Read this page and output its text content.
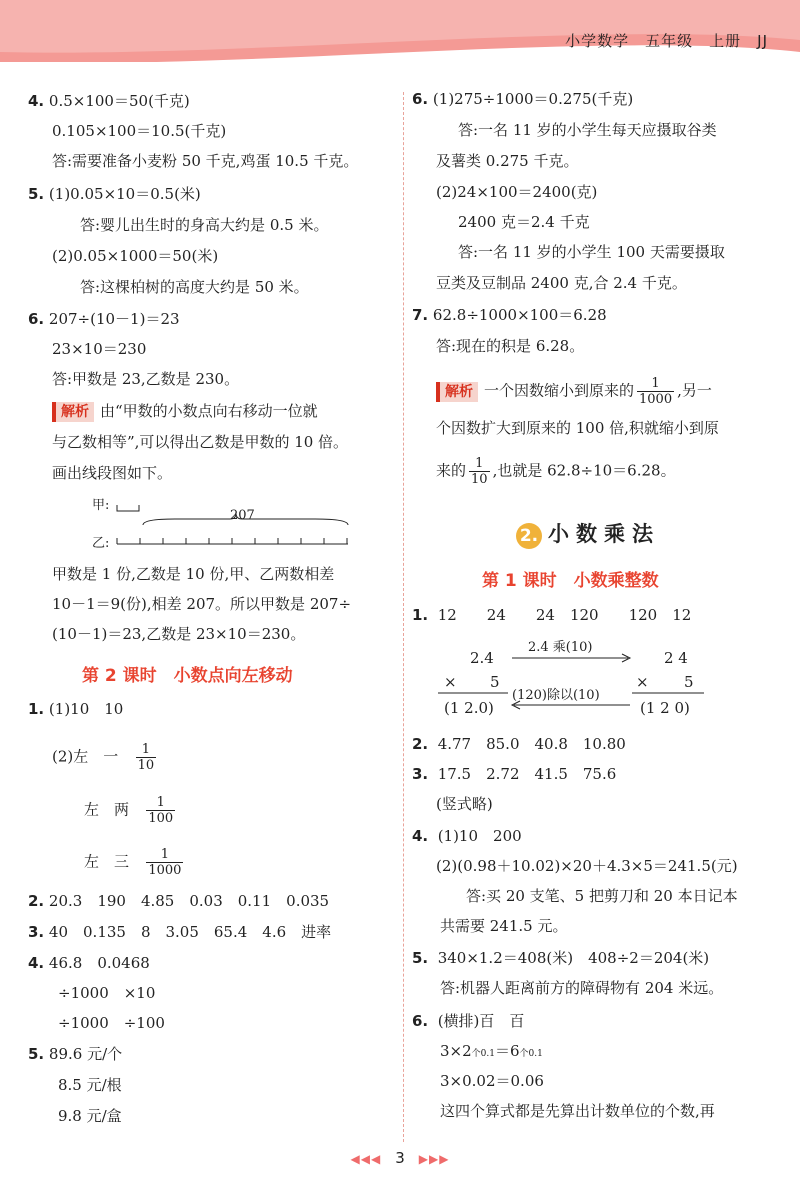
小学数学 五年级 上册 JJ
4. 0.5×100＝50(千克)
0.105×100＝10.5(千克)
答:需要准备小麦粉 50 千克,鸡蛋 10.5 千克。
5. (1)0.05×10＝0.5(米)
答:婴儿出生时的身高大约是 0.5 米。
(2)0.05×1000＝50(米)
答:这棵柏树的高度大约是 50 米。
6. 207÷(10－1)＝23
23×10＝230
答:甲数是 23,乙数是 230。
解析 由“甲数的小数点向右移动一位就
与乙数相等”,可以得出乙数是甲数的 10 倍。
画出线段图如下。
甲:
乙:
207
甲数是 1 份,乙数是 10 份,甲、乙两数相差
10－1＝9(份),相差 207。所以甲数是 207÷
(10－1)＝23,乙数是 23×10＝230。
第 2 课时　小数点向左移动
1. (1)10　10
(2)左　一 $\frac{1}{10}$
左　两 $\frac{1}{100}$
左　三 $\frac{1}{1000}$
2. 20.3　190　4.85　0.03　0.11　0.035
3. 40　0.135　8　3.05　65.4　4.6　进率
4. 46.8　0.0468
÷1000　×10
÷1000　÷100
5. 89.6 元/个
8.5 元/根
9.8 元/盒
6. (1)275÷1000＝0.275(千克)
答:一名 11 岁的小学生每天应摄取谷类
及薯类 0.275 千克。
(2)24×100＝2400(克)
2400 克＝2.4 千克
答:一名 11 岁的小学生 100 天需要摄取
豆类及豆制品 2400 克,合 2.4 千克。
7. 62.8÷1000×100＝6.28
答:现在的积是 6.28。
解析 一个因数缩小到原来的 $\frac{1}{1000}$ ,另一
个因数扩大到原来的 100 倍,积就缩小到原
来的 $\frac{1}{10}$ ,也就是 62.8÷10＝6.28。
2. 小数乘法
第 1 课时　小数乘整数
1. 12　　24　　24　120　　120　12
2.4
× 5
(1 2.0)
2 4
× 5
(1 2 0)
2.4 乘(10)
(120)除以(10)
2. 4.77　85.0　40.8　10.80
3. 17.5　2.72　41.5　75.6
(竖式略)
4. (1)10　200
(2)(0.98＋10.02)×20＋4.3×5＝241.5(元)
答:买 20 支笔、5 把剪刀和 20 本日记本
共需要 241.5 元。
5. 340×1.2＝408(米)　408÷2＝204(米)
答:机器人距离前方的障碍物有 204 米远。
6. (横排)百　百
3×2个0.1＝6个0.1
3×0.02＝0.06
这四个算式都是先算出计数单位的个数,再
◀◀◀ 3 ▶▶▶
